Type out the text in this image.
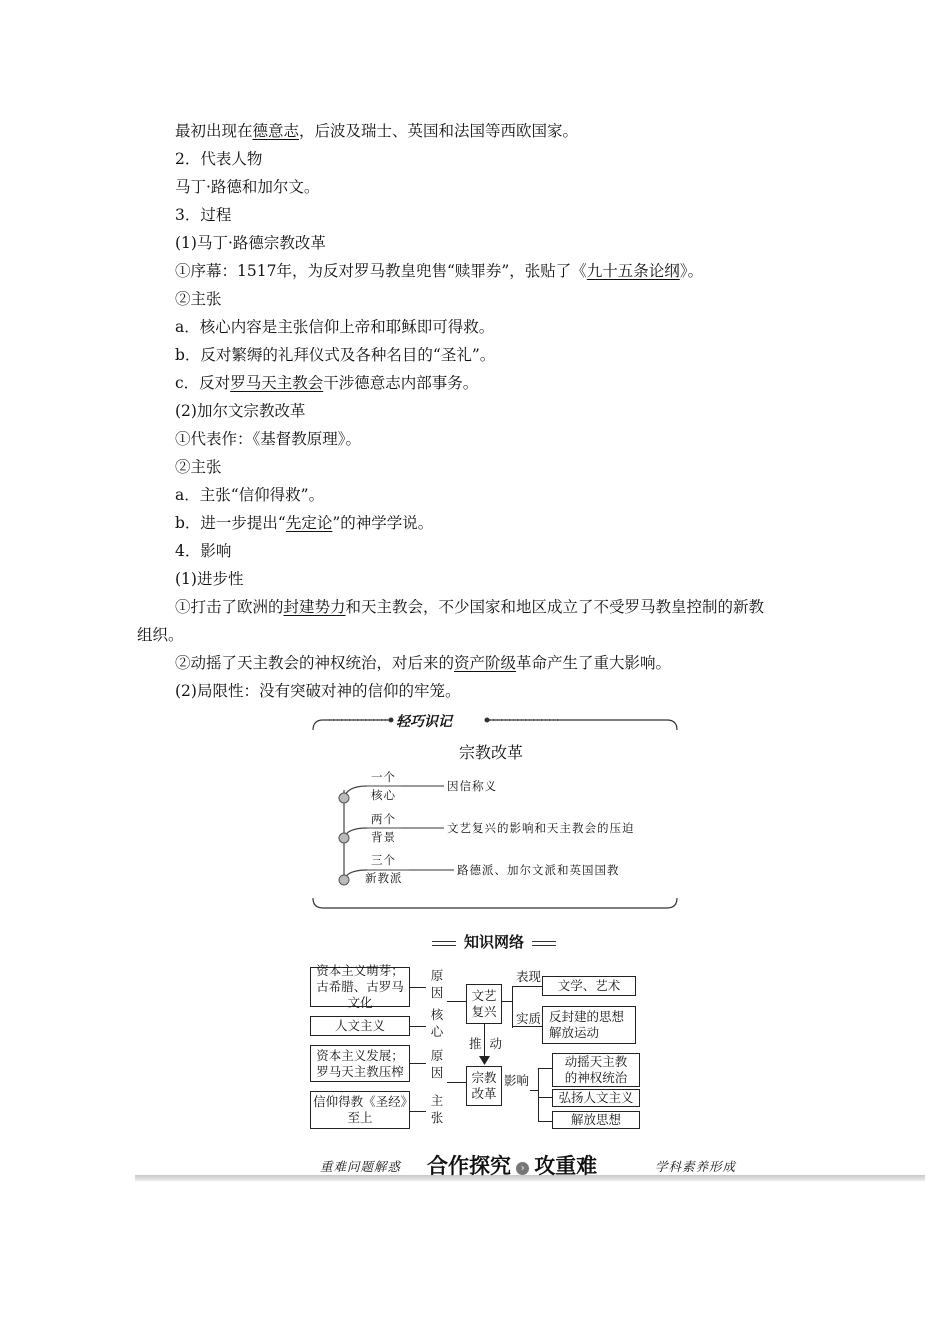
最初出现在德意志，后波及瑞士、英国和法国等西欧国家。
2．代表人物
马丁·路德和加尔文。
3．过程
(1)马丁·路德宗教改革
①序幕：1517年，为反对罗马教皇兜售“赎罪券”，张贴了《九十五条论纲》。
②主张
a．核心内容是主张信仰上帝和耶稣即可得救。
b．反对繁缛的礼拜仪式及各种名目的“圣礼”。
c．反对罗马天主教会干涉德意志内部事务。
(2)加尔文宗教改革
①代表作：《基督教原理》。
②主张
a．主张“信仰得救”。
b．进一步提出“先定论”的神学学说。
4．影响
(1)进步性
①打击了欧洲的封建势力和天主教会，不少国家和地区成立了不受罗马教皇控制的新教
组织。
②动摇了天主教会的神权统治，对后来的资产阶级革命产生了重大影响。
(2)局限性：没有突破对神的信仰的牢笼。
轻巧识记
宗教改革
一个
核心
因信称义
两个
背景
文艺复兴的影响和天主教会的压迫
三个
新教派
路德派、加尔文派和英国国教
知识网络
资本主义萌芽；古希腊、古罗马文化
人文主义
资本主义发展；罗马天主教压榨
信仰得教《圣经》至上
原因
核心
原因
主张
文艺复兴
推动
宗教改革
表现
实质
影响
文学、艺术
反封建的思想解放运动
动摇天主教的神权统治
弘扬人文主义
解放思想
重难问题解惑 合作探究 › 攻重难	学科素养形成
